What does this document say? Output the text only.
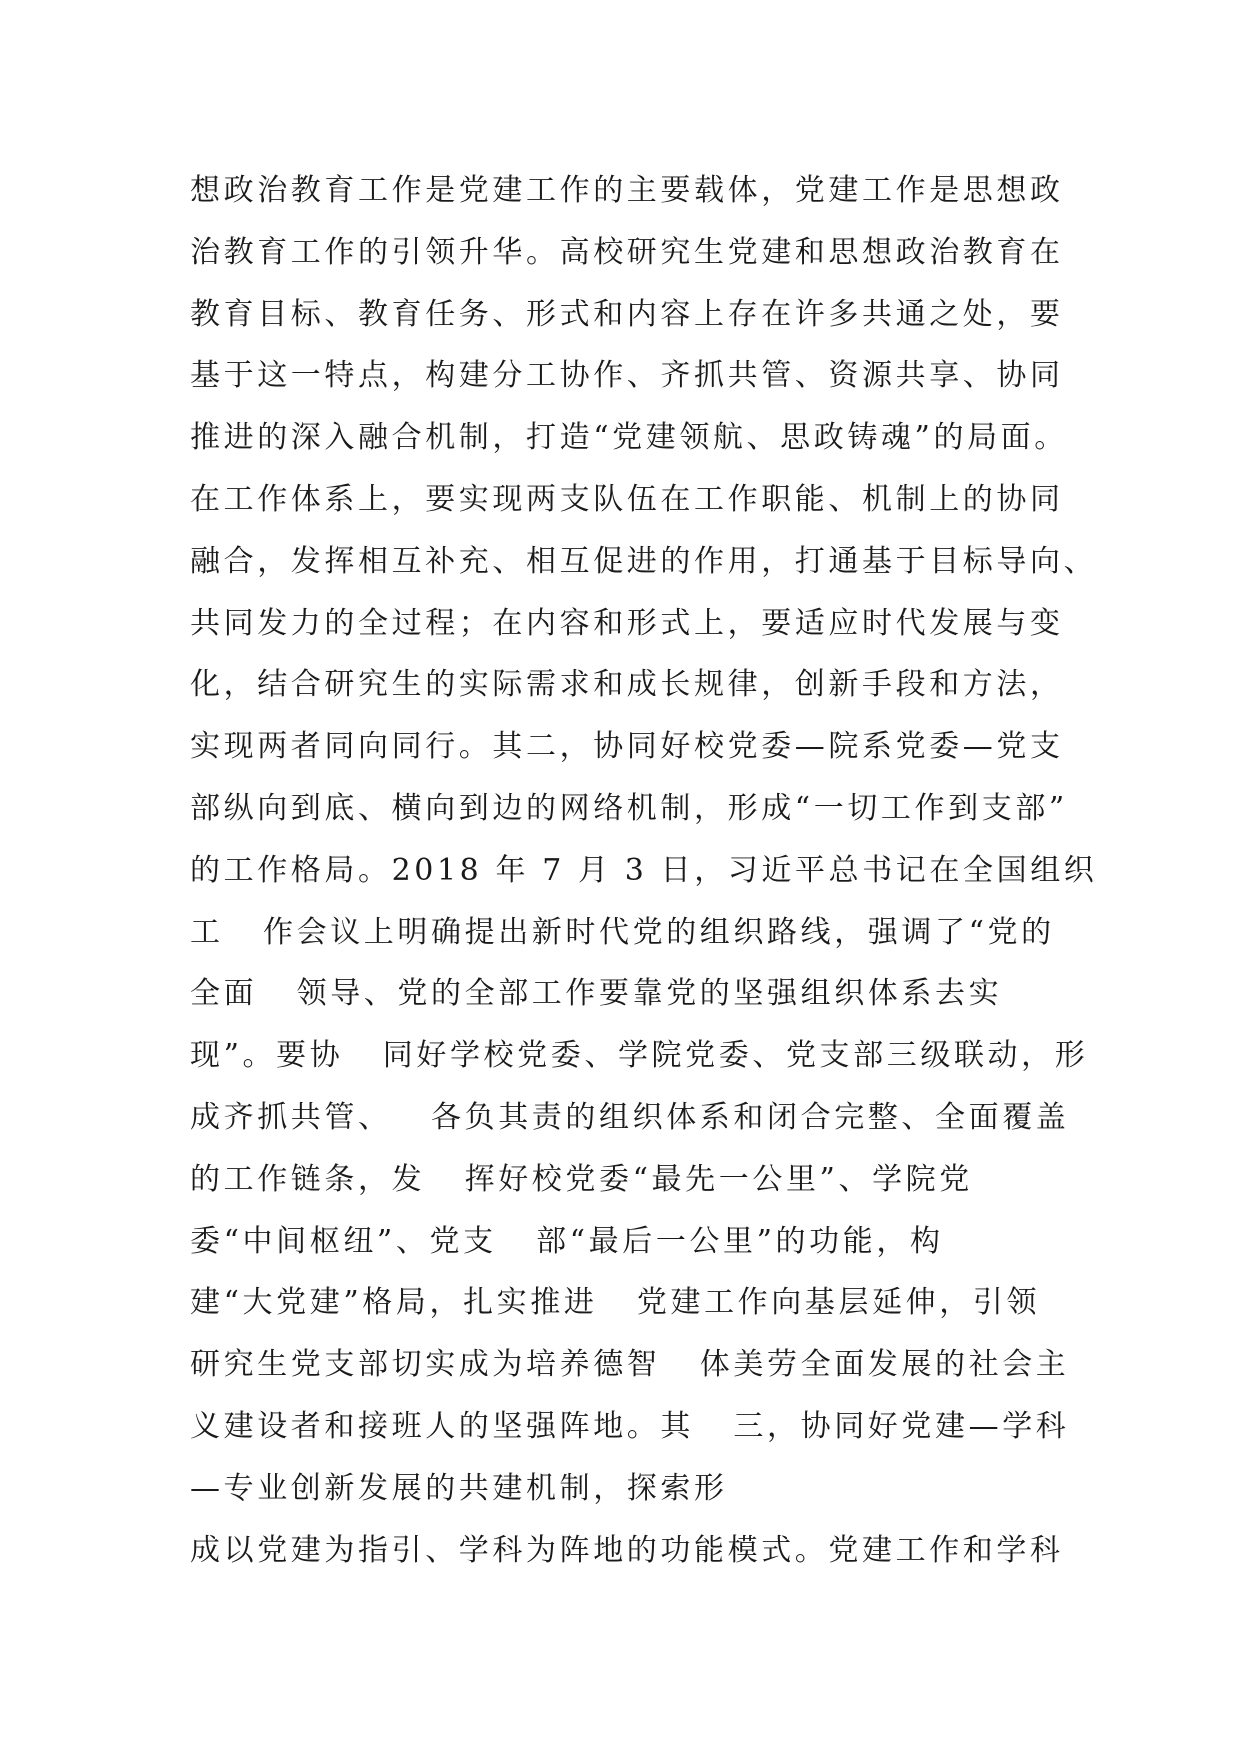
想政治教育工作是党建工作的主要载体，党建工作是思想政
治教育工作的引领升华。高校研究生党建和思想政治教育在
教育目标、教育任务、形式和内容上存在许多共通之处，要
基于这一特点，构建分工协作、齐抓共管、资源共享、协同
推进的深入融合机制，打造“党建领航、思政铸魂”的局面。
在工作体系上，要实现两支队伍在工作职能、机制上的协同
融合，发挥相互补充、相互促进的作用，打通基于目标导向、
共同发力的全过程；在内容和形式上，要适应时代发展与变
化，结合研究生的实际需求和成长规律，创新手段和方法，
实现两者同向同行。其二，协同好校党委—院系党委—党支
部纵向到底、横向到边的网络机制，形成“一切工作到支部”
的工作格局。2018 年 7 月 3 日，习近平总书记在全国组织
工   作会议上明确提出新时代党的组织路线，强调了“党的
全面   领导、党的全部工作要靠党的坚强组织体系去实
现”。要协   同好学校党委、学院党委、党支部三级联动，形
成齐抓共管、   各负其责的组织体系和闭合完整、全面覆盖
的工作链条，发   挥好校党委“最先一公里”、学院党
委“中间枢纽”、党支   部“最后一公里”的功能，构
建“大党建”格局，扎实推进   党建工作向基层延伸，引领
研究生党支部切实成为培养德智   体美劳全面发展的社会主
义建设者和接班人的坚强阵地。其   三，协同好党建—学科
—专业创新发展的共建机制，探索形
成以党建为指引、学科为阵地的功能模式。党建工作和学科
